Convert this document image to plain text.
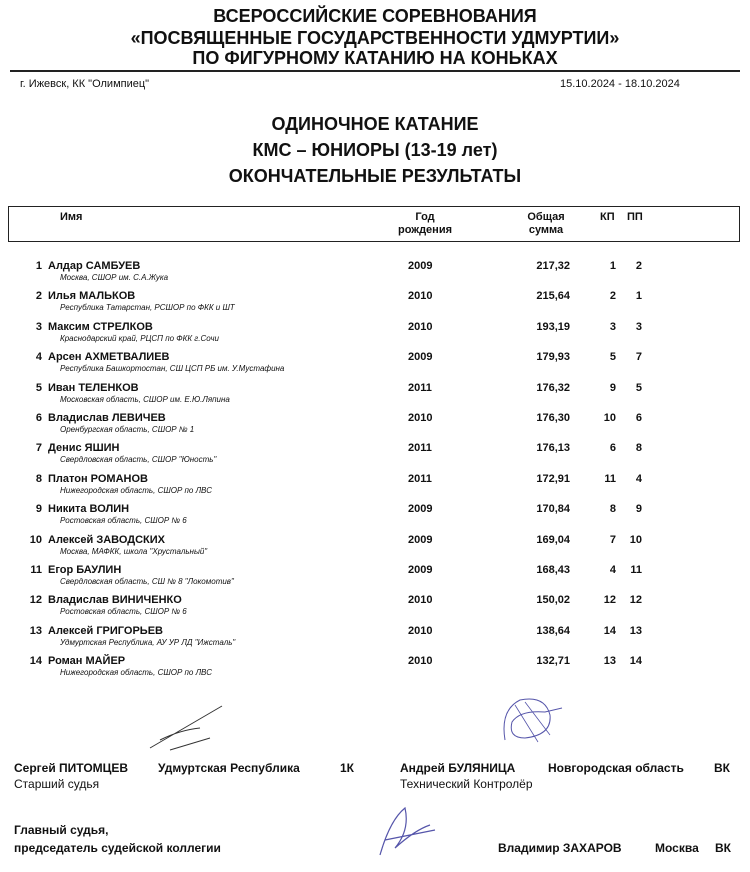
ВСЕРОССИЙСКИЕ СОРЕВНОВАНИЯ
«ПОСВЯЩЕННЫЕ ГОСУДАРСТВЕННОСТИ УДМУРТИИ»
ПО ФИГУРНОМУ КАТАНИЮ НА КОНЬКАХ
г. Ижевск, КК "Олимпиец"	15.10.2024 - 18.10.2024
ОДИНОЧНОЕ КАТАНИЕ
КМС – ЮНИОРЫ (13-19 лет)
ОКОНЧАТЕЛЬНЫЕ РЕЗУЛЬТАТЫ
Имя	Год
рождения
Общая
сумма
КП ПП
1 Алдар САМБУЕВ
Москва, СШОР им. С.А.Жука
2009	217,32	1	2
2 Илья МАЛЬКОВ
Республика Татарстан, РСШОР по ФКК и ШТ
2010	215,64	2	1
3 Максим СТРЕЛКОВ
Краснодарский край, РЦСП по ФКК г.Сочи
2010	193,19	3	3
4 Арсен АХМЕТВАЛИЕВ
Республика Башкортостан, СШ ЦСП РБ им. У.Мустафина
2009	179,93	5	7
5 Иван ТЕЛЕНКОВ
Московская область, СШОР им. Е.Ю.Ляпина
2011	176,32	9	5
6 Владислав ЛЕВИЧЕВ
Оренбургская область, СШОР № 1
2010	176,30	10	6
7 Денис ЯШИН
Свердловская область, СШОР "Юность"
2011	176,13	6	8
8 Платон РОМАНОВ
Нижегородская область, СШОР по ЛВС
2011	172,91	11	4
9 Никита ВОЛИН
Ростовская область, СШОР № 6
2009	170,84	8	9
10 Алексей ЗАВОДСКИХ
Москва, МАФКК, школа "Хрустальный"
2009	169,04	7	10
11 Егор БАУЛИН
Свердловская область, СШ № 8 "Локомотив"
2009	168,43	4	11
12 Владислав ВИНИЧЕНКО
Ростовская область, СШОР № 6
2010	150,02	12	12
13 Алексей ГРИГОРЬЕВ
Удмуртская Республика, АУ УР ЛД "Ижсталь"
2010	138,64	14	13
14 Роман МАЙЕР
Нижегородская область, СШОР по ЛВС
2010	132,71	13	14
Сергей ПИТОМЦЕВ Удмуртская Республика	1К
Старший судья
Андрей БУЛЯНИЦА	Новгородская область	ВК
Технический Контролёр
Главный судья,
председатель судейской коллегии	Владимир ЗАХАРОВ	Москва ВК
